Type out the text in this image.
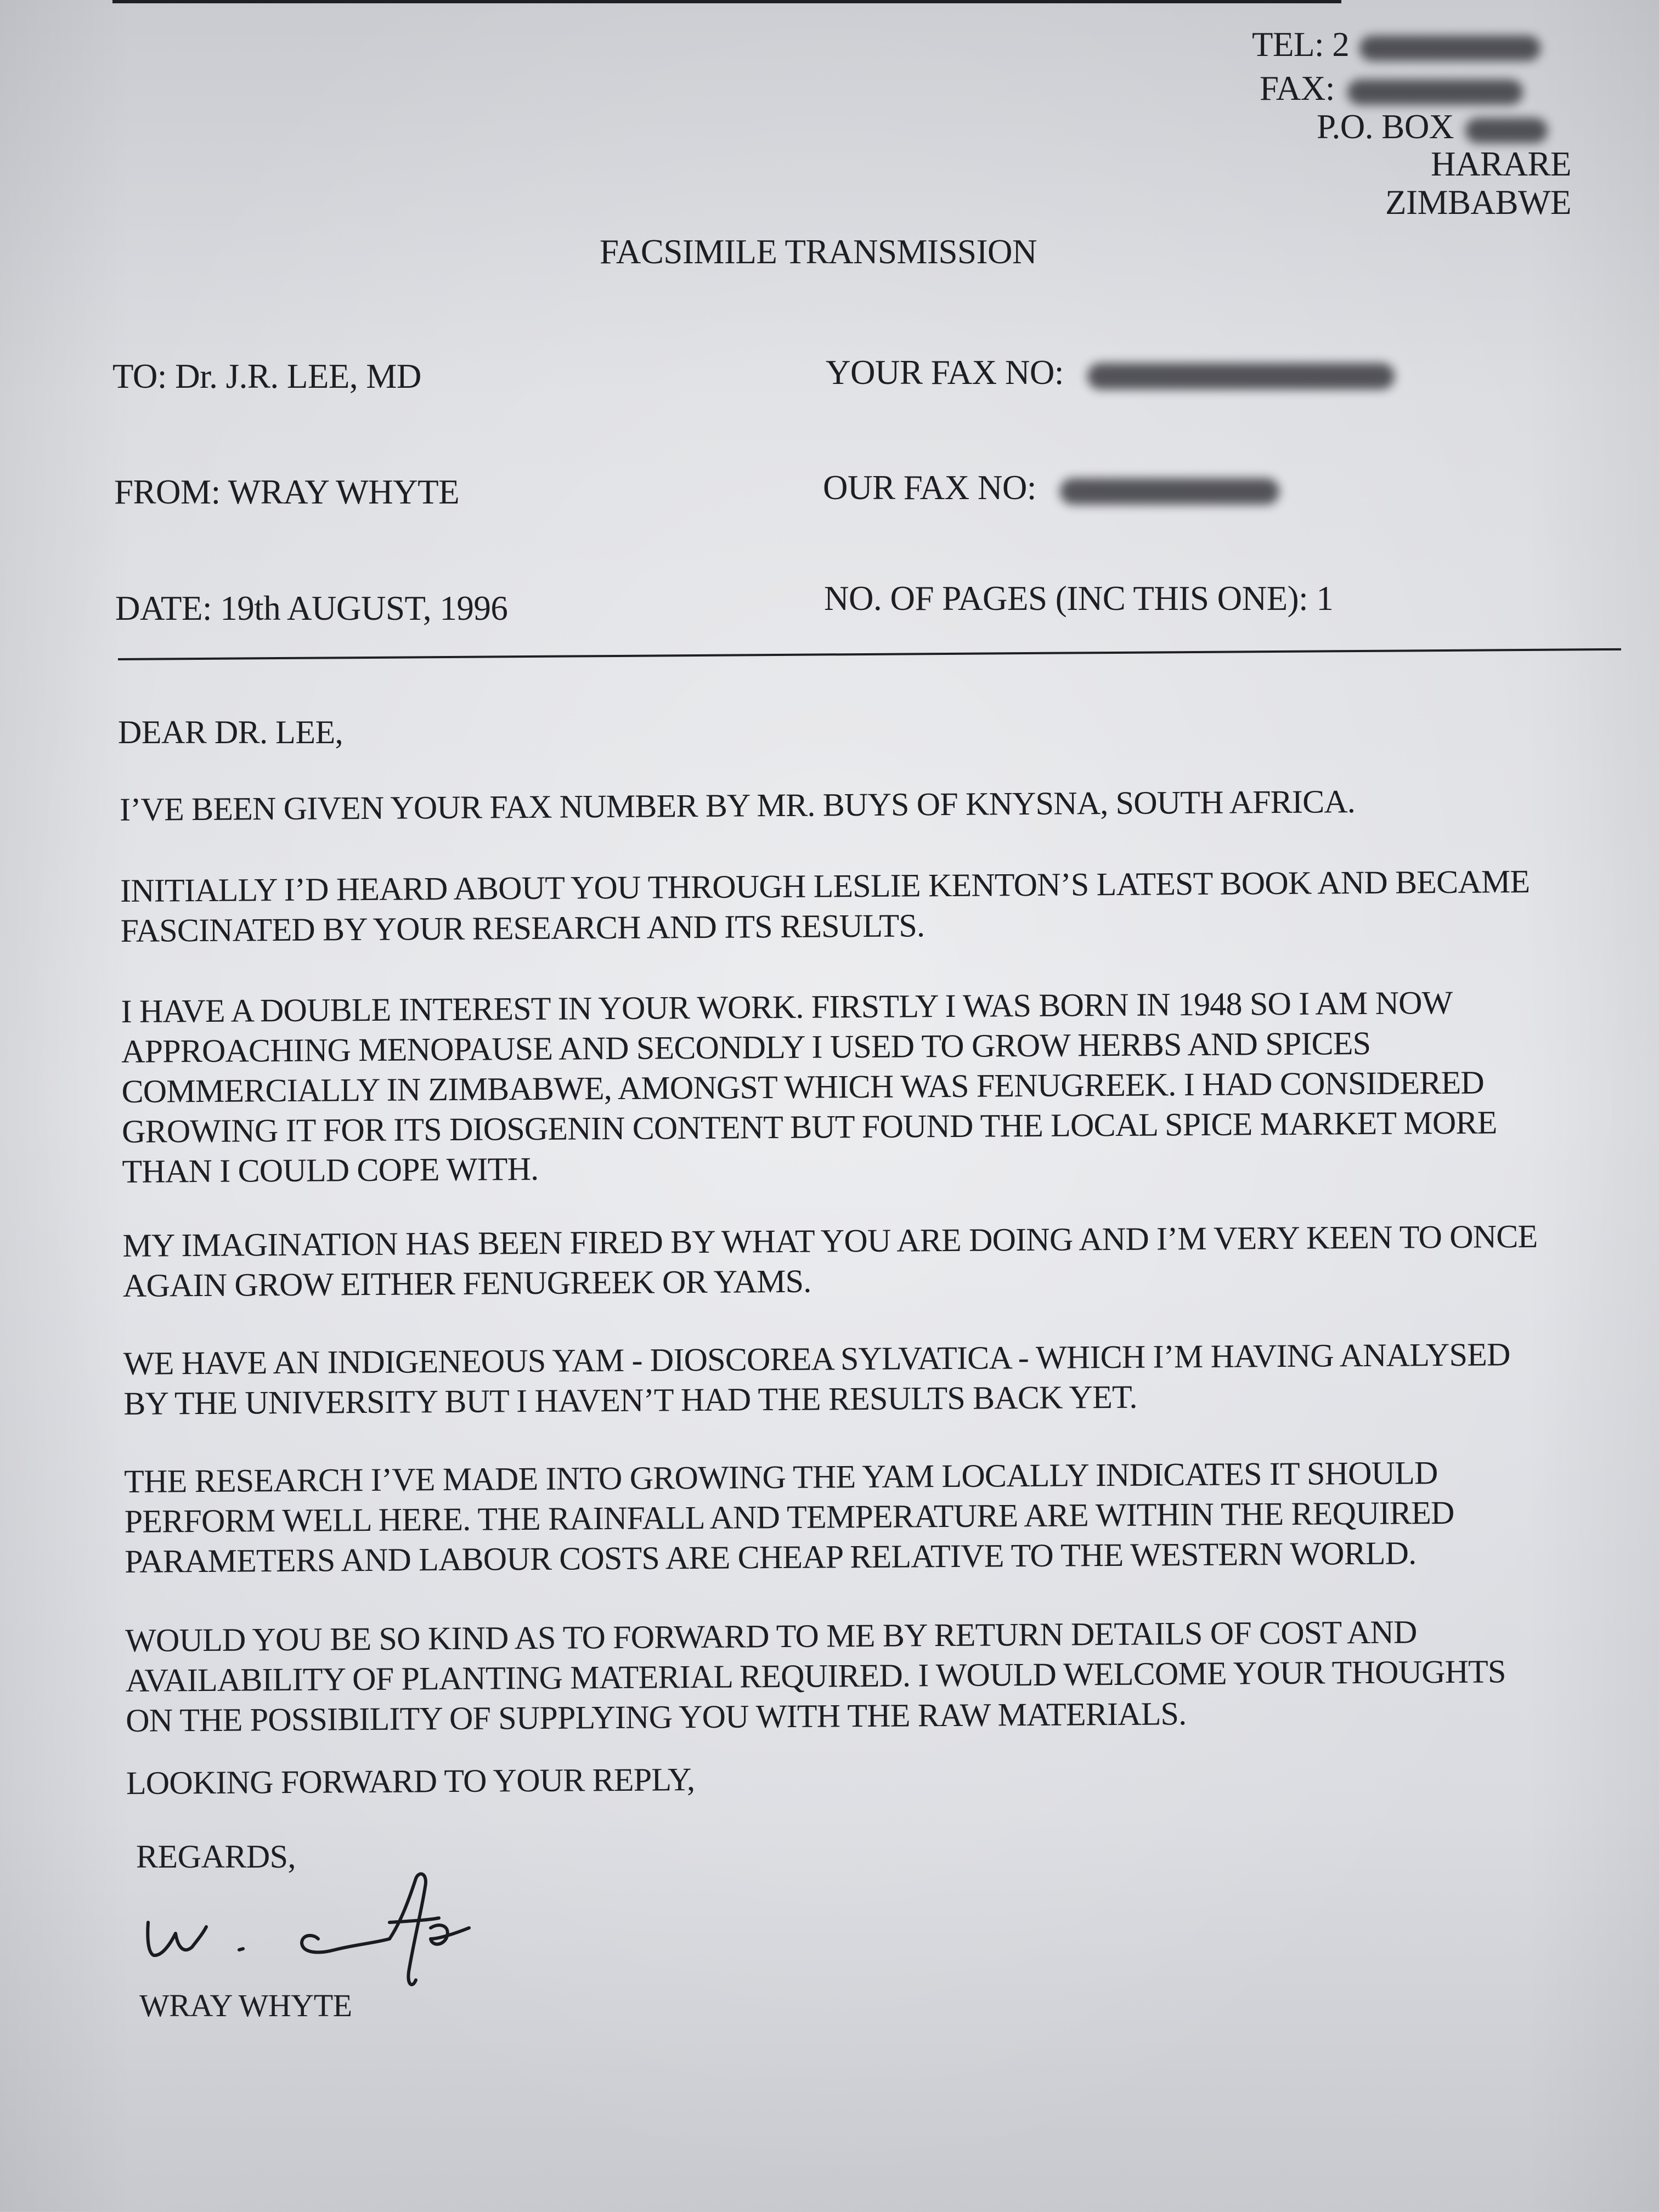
TEL: 2
FAX:
P.O. BOX
HARARE
ZIMBABWE
FACSIMILE TRANSMISSION
TO: Dr. J.R. LEE, MD
FROM: WRAY WHYTE
DATE: 19th AUGUST, 1996
YOUR FAX NO:
OUR FAX NO:
NO. OF PAGES (INC THIS ONE): 1
DEAR DR. LEE,
I’VE BEEN GIVEN YOUR FAX NUMBER BY MR. BUYS OF KNYSNA, SOUTH AFRICA.
INITIALLY I’D HEARD ABOUT YOU THROUGH LESLIE KENTON’S LATEST BOOK AND BECAME
FASCINATED BY YOUR RESEARCH AND ITS RESULTS.
I HAVE A DOUBLE INTEREST IN YOUR WORK. FIRSTLY I WAS BORN IN 1948 SO I AM NOW
APPROACHING MENOPAUSE AND SECONDLY I USED TO GROW HERBS AND SPICES
COMMERCIALLY IN ZIMBABWE, AMONGST WHICH WAS FENUGREEK. I HAD CONSIDERED
GROWING IT FOR ITS DIOSGENIN CONTENT BUT FOUND THE LOCAL SPICE MARKET MORE
THAN I COULD COPE WITH.
MY IMAGINATION HAS BEEN FIRED BY WHAT YOU ARE DOING AND I’M VERY KEEN TO ONCE
AGAIN GROW EITHER FENUGREEK OR YAMS.
WE HAVE AN INDIGENEOUS YAM - DIOSCOREA SYLVATICA - WHICH I’M HAVING ANALYSED
BY THE UNIVERSITY BUT I HAVEN’T HAD THE RESULTS BACK YET.
THE RESEARCH I’VE MADE INTO GROWING THE YAM LOCALLY INDICATES IT SHOULD
PERFORM WELL HERE. THE RAINFALL AND TEMPERATURE ARE WITHIN THE REQUIRED
PARAMETERS AND LABOUR COSTS ARE CHEAP RELATIVE TO THE WESTERN WORLD.
WOULD YOU BE SO KIND AS TO FORWARD TO ME BY RETURN DETAILS OF COST AND
AVAILABILITY OF PLANTING MATERIAL REQUIRED. I WOULD WELCOME YOUR THOUGHTS
ON THE POSSIBILITY OF SUPPLYING YOU WITH THE RAW MATERIALS.
LOOKING FORWARD TO YOUR REPLY,
REGARDS,
WRAY WHYTE
